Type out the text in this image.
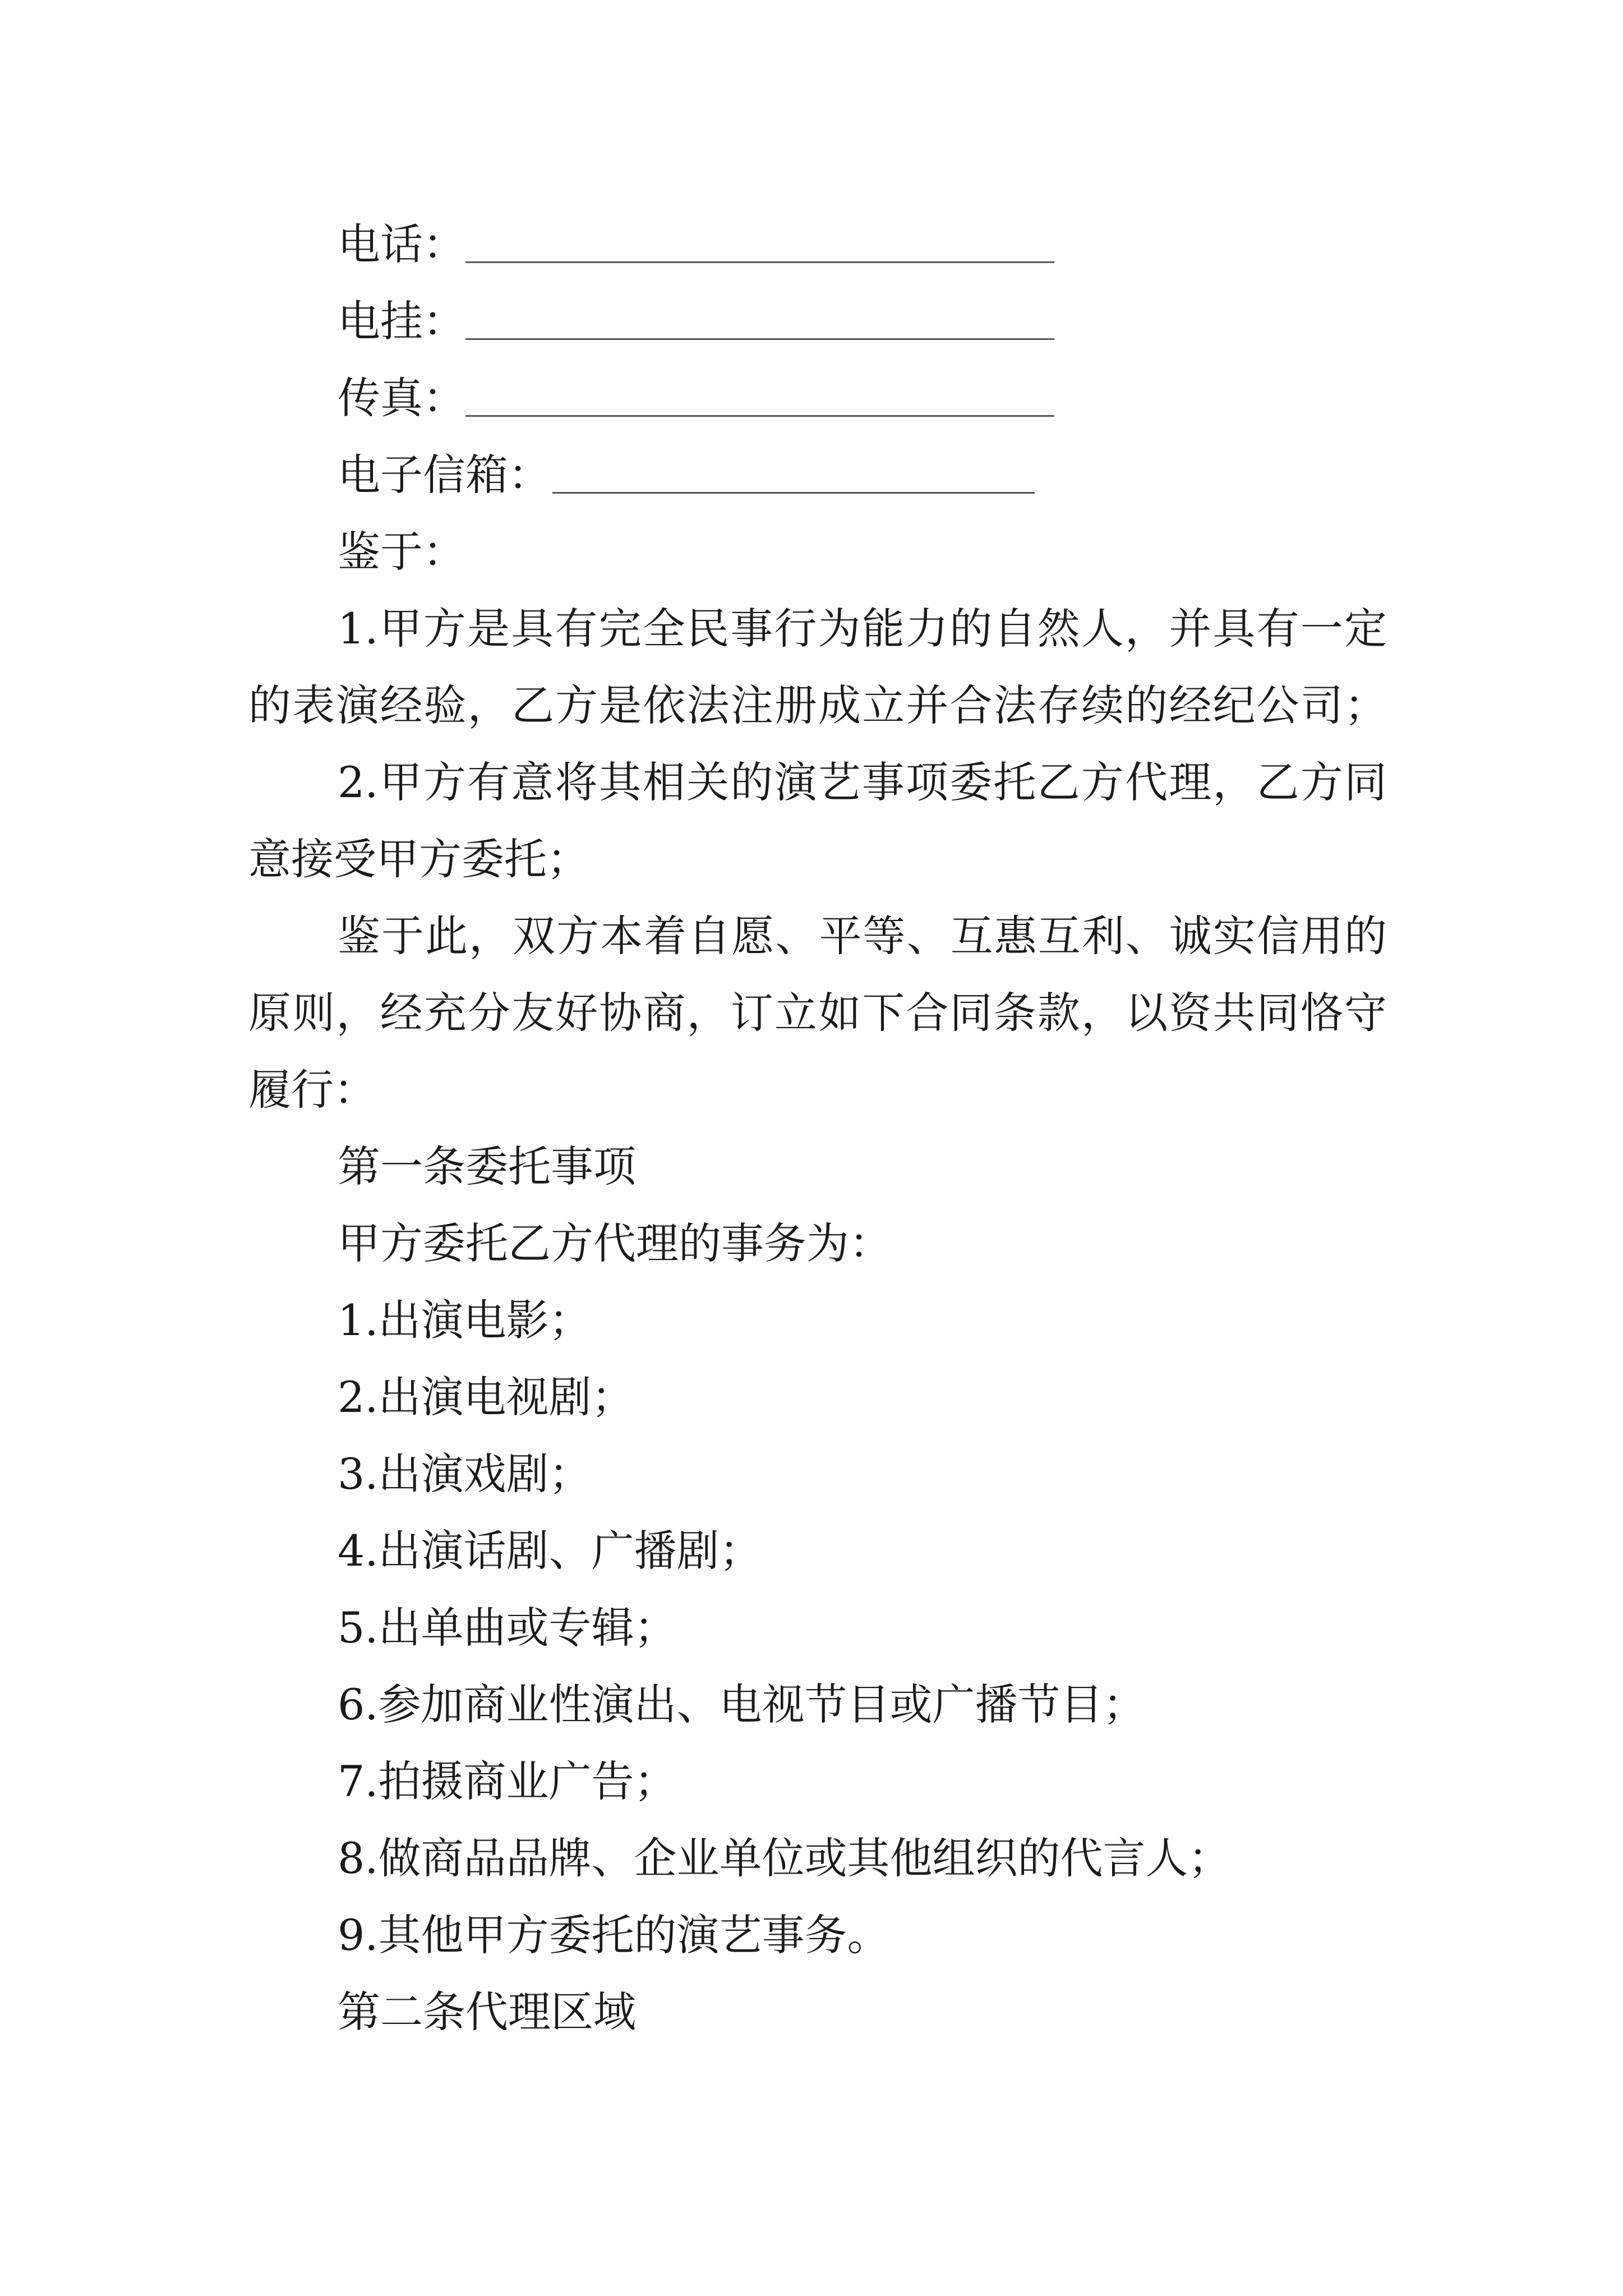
电话：
电挂：
传真：
电子信箱：
鉴于：
1.甲方是具有完全民事行为能力的自然人，并具有一定
的表演经验，乙方是依法注册成立并合法存续的经纪公司；
2.甲方有意将其相关的演艺事项委托乙方代理，乙方同
意接受甲方委托；
鉴于此，双方本着自愿、平等、互惠互利、诚实信用的
原则，经充分友好协商，订立如下合同条款，以资共同恪守
履行：
第一条委托事项
甲方委托乙方代理的事务为：
1.出演电影；
2.出演电视剧；
3.出演戏剧；
4.出演话剧、广播剧；
5.出单曲或专辑；
6.参加商业性演出、电视节目或广播节目；
7.拍摄商业广告；
8.做商品品牌、企业单位或其他组织的代言人；
9.其他甲方委托的演艺事务。
第二条代理区域
